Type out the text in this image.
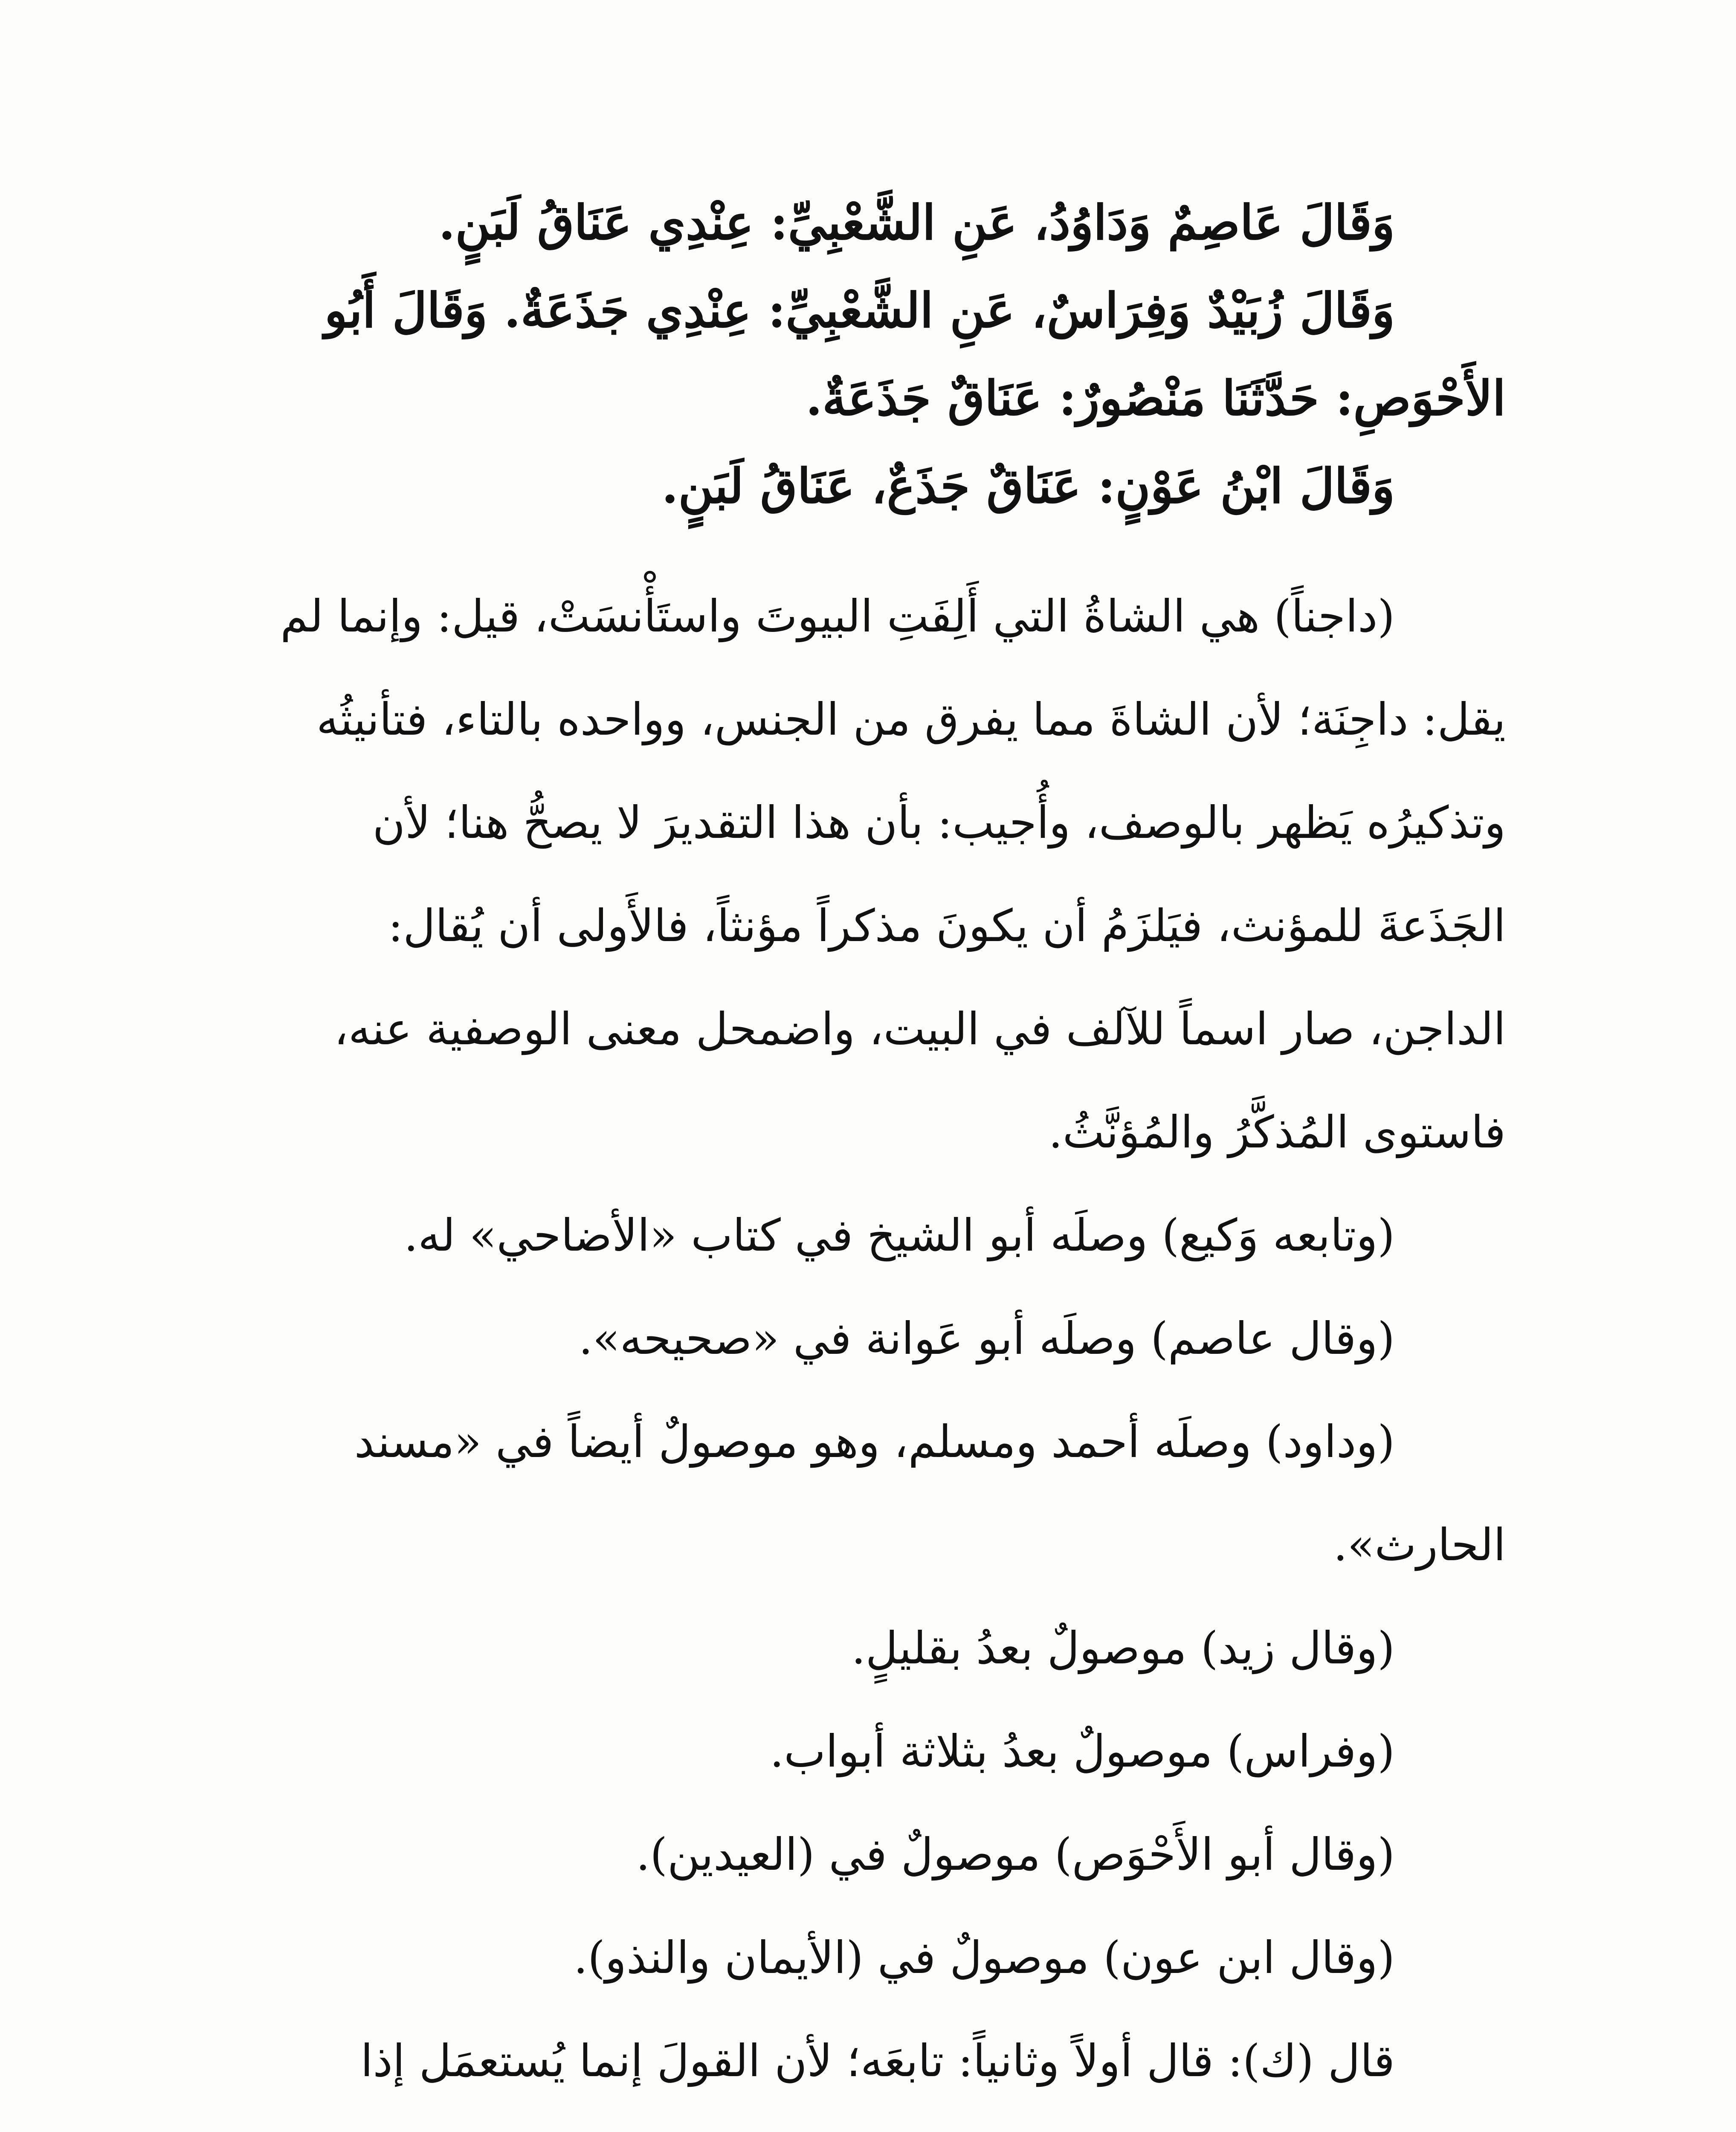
وَقَالَ عَاصِمٌ وَدَاوُدُ، عَنِ الشَّعْبِيِّ: عِنْدِي عَنَاقُ لَبَنٍ.
وَقَالَ زُبَيْدٌ وَفِرَاسٌ، عَنِ الشَّعْبِيِّ: عِنْدِي جَذَعَةٌ. وَقَالَ أَبُو
الأَحْوَصِ: حَدَّثَنَا مَنْصُورٌ: عَنَاقٌ جَذَعَةٌ.
وَقَالَ ابْنُ عَوْنٍ: عَنَاقٌ جَذَعٌ، عَنَاقُ لَبَنٍ.
(داجناً) هي الشاةُ التي أَلِفَتِ البيوتَ واستَأْنسَتْ، قيل: وإنما لم
يقل: داجِنَة؛ لأن الشاةَ مما يفرق من الجنس، وواحده بالتاء، فتأنيثُه
وتذكيرُه يَظهر بالوصف، وأُجيب: بأن هذا التقديرَ لا يصحُّ هنا؛ لأن
الجَذَعةَ للمؤنث، فيَلزَمُ أن يكونَ مذكراً مؤنثاً، فالأَولى أن يُقال:
الداجن، صار اسماً للآلف في البيت، واضمحل معنى الوصفية عنه،
فاستوى المُذكَّرُ والمُؤنَّثُ.
(وتابعه وَكيع) وصلَه أبو الشيخ في كتاب «الأضاحي» له.
(وقال عاصم) وصلَه أبو عَوانة في «صحيحه».
(وداود) وصلَه أحمد ومسلم، وهو موصولٌ أيضاً في «مسند
الحارث».
(وقال زيد) موصولٌ بعدُ بقليلٍ.
(وفراس) موصولٌ بعدُ بثلاثة أبواب.
(وقال أبو الأَحْوَص) موصولٌ في (العيدين).
(وقال ابن عون) موصولٌ في (الأيمان والنذو).
قال (ك): قال أولاً وثانياً: تابعَه؛ لأن القولَ إنما يُستعمَل إذا
